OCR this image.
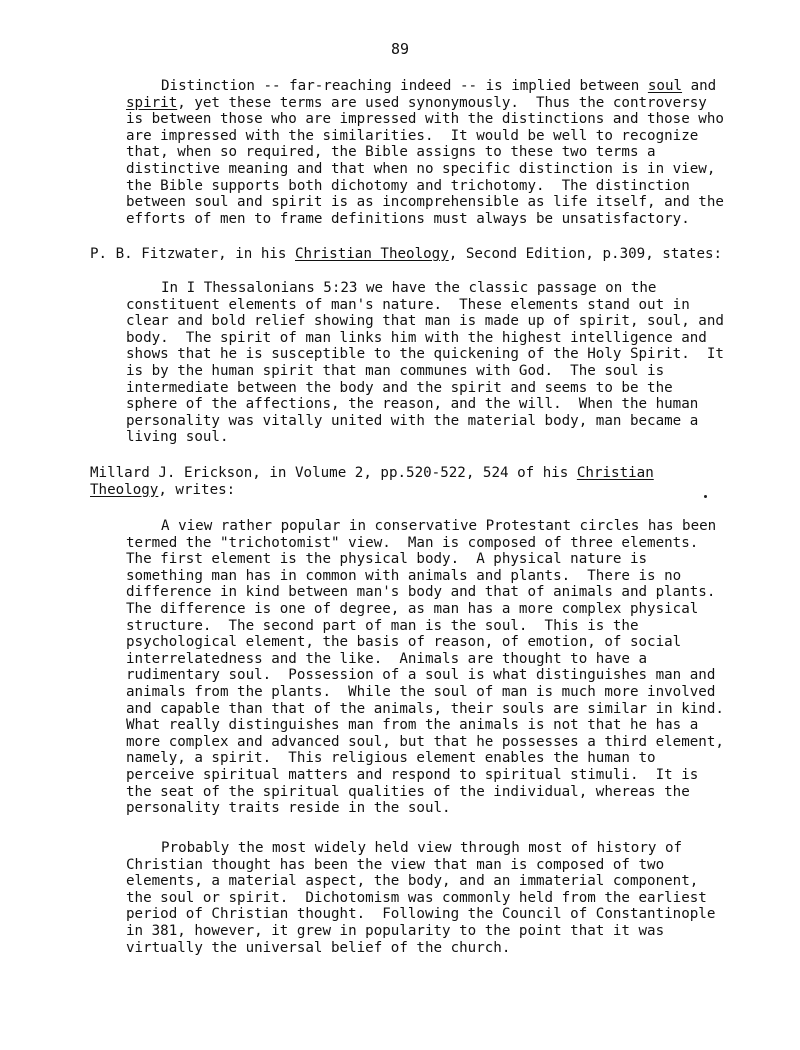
89
Distinction -- far-reaching indeed -- is implied between soul and
spirit, yet these terms are used synonymously.  Thus the controversy
is between those who are impressed with the distinctions and those who
are impressed with the similarities.  It would be well to recognize
that, when so required, the Bible assigns to these two terms a
distinctive meaning and that when no specific distinction is in view,
the Bible supports both dichotomy and trichotomy.  The distinction
between soul and spirit is as incomprehensible as life itself, and the
efforts of men to frame definitions must always be unsatisfactory.
P. B. Fitzwater, in his Christian Theology, Second Edition, p.309, states:
In I Thessalonians 5:23 we have the classic passage on the
constituent elements of man's nature.  These elements stand out in
clear and bold relief showing that man is made up of spirit, soul, and
body.  The spirit of man links him with the highest intelligence and
shows that he is susceptible to the quickening of the Holy Spirit.  It
is by the human spirit that man communes with God.  The soul is
intermediate between the body and the spirit and seems to be the
sphere of the affections, the reason, and the will.  When the human
personality was vitally united with the material body, man became a
living soul.
Millard J. Erickson, in Volume 2, pp.520-522, 524 of his Christian
Theology, writes:
A view rather popular in conservative Protestant circles has been
termed the "trichotomist" view.  Man is composed of three elements.
The first element is the physical body.  A physical nature is
something man has in common with animals and plants.  There is no
difference in kind between man's body and that of animals and plants.
The difference is one of degree, as man has a more complex physical
structure.  The second part of man is the soul.  This is the
psychological element, the basis of reason, of emotion, of social
interrelatedness and the like.  Animals are thought to have a
rudimentary soul.  Possession of a soul is what distinguishes man and
animals from the plants.  While the soul of man is much more involved
and capable than that of the animals, their souls are similar in kind.
What really distinguishes man from the animals is not that he has a
more complex and advanced soul, but that he possesses a third element,
namely, a spirit.  This religious element enables the human to
perceive spiritual matters and respond to spiritual stimuli.  It is
the seat of the spiritual qualities of the individual, whereas the
personality traits reside in the soul.
Probably the most widely held view through most of history of
Christian thought has been the view that man is composed of two
elements, a material aspect, the body, and an immaterial component,
the soul or spirit.  Dichotomism was commonly held from the earliest
period of Christian thought.  Following the Council of Constantinople
in 381, however, it grew in popularity to the point that it was
virtually the universal belief of the church.
